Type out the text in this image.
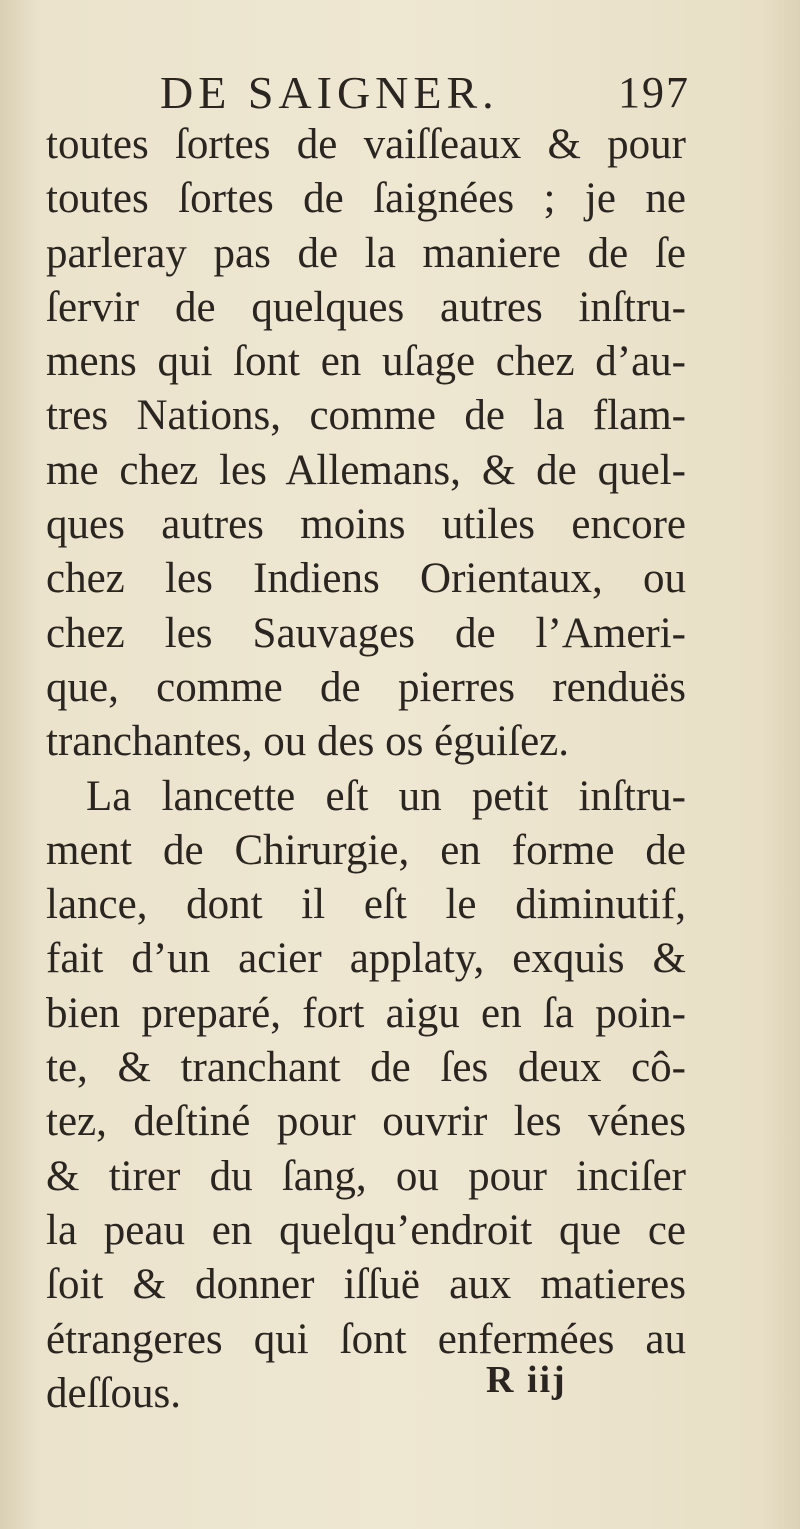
DE SAIGNER.	197
toutes ſortes de vaiſſeaux & pour
toutes ſortes de ſaignées ; je ne
parleray pas de la maniere de ſe
ſervir de quelques autres inſtru-
mens qui ſont en uſage chez d’au-
tres Nations, comme de la flam-
me chez les Allemans, & de quel-
ques autres moins utiles encore
chez les Indiens Orientaux, ou
chez les Sauvages de l’Ameri-
que, comme de pierres renduës
tranchantes, ou des os éguiſez.
La lancette eſt un petit inſtru-
ment de Chirurgie, en forme de
lance, dont il eſt le diminutif,
fait d’un acier applaty, exquis &
bien preparé, fort aigu en ſa poin-
te, & tranchant de ſes deux cô-
tez, deſtiné pour ouvrir les vénes
& tirer du ſang, ou pour inciſer
la peau en quelqu’endroit que ce
ſoit & donner iſſuë aux matieres
étrangeres qui ſont enfermées au
deſſous.	R iij
